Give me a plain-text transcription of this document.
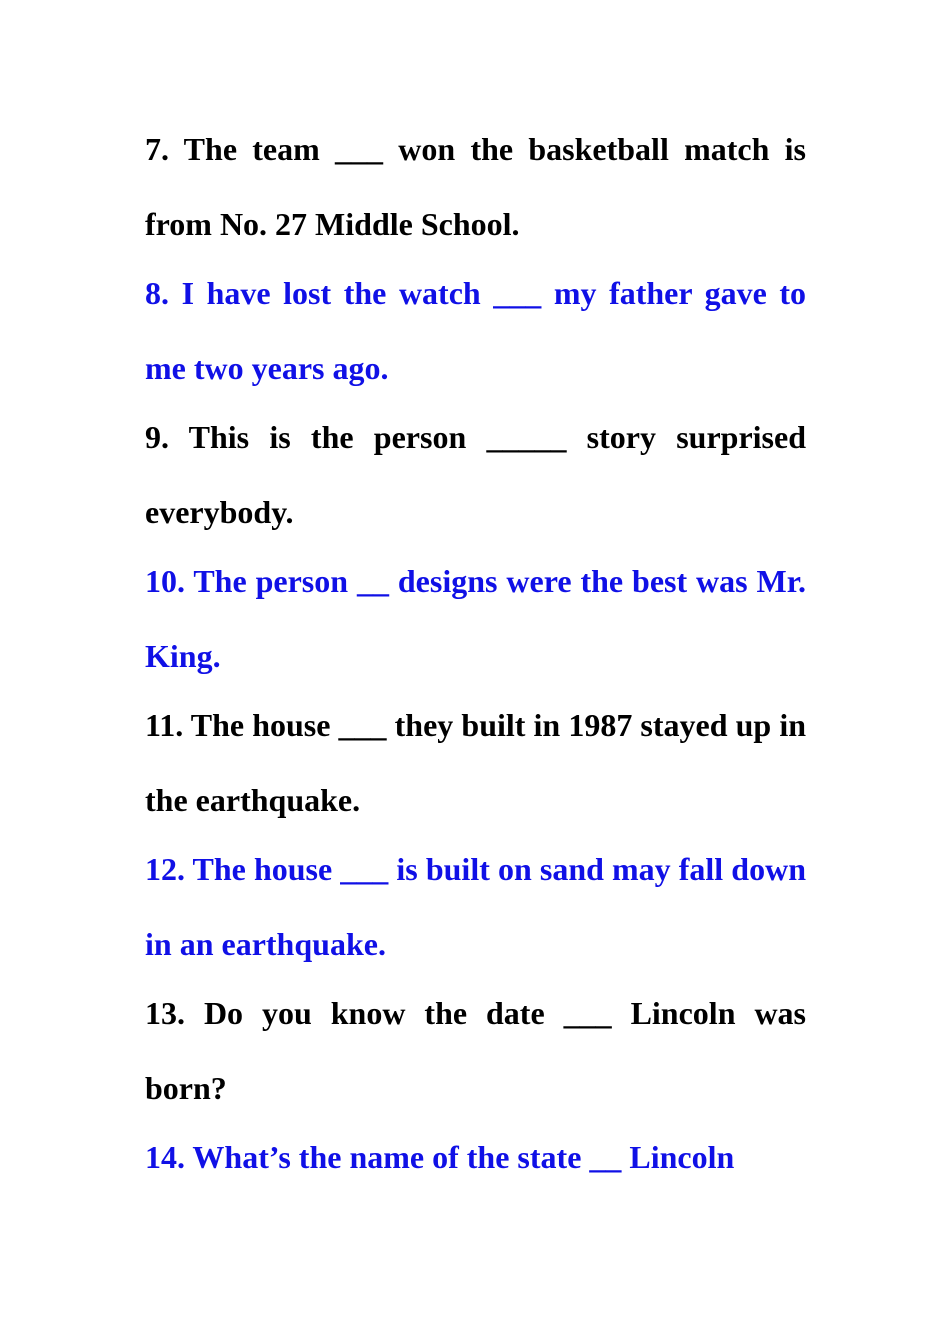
7. The team ___ won the basketball match is from No. 27 Middle School.

8. I have lost the watch ___ my father gave to me two years ago.

9. This is the person _____ story surprised everybody.

10. The person __ designs were the best was Mr. King.

11. The house ___ they built in 1987 stayed up in the earthquake.

12. The house ___ is built on sand may fall down in an earthquake.

13. Do you know the date ___ Lincoln was born?

14. What’s the name of the state __ Lincoln
